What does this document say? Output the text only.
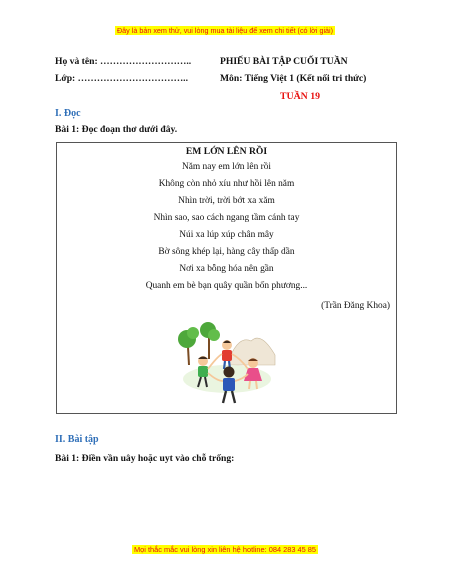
Đây là bản xem thử, vui lòng mua tài liệu để xem chi tiết (có lời giải)
Họ và tên: ………………………..	PHIẾU BÀI TẬP CUỐI TUẦN
Lớp: ……………………………..	Môn: Tiếng Việt 1 (Kết nối tri thức)
TUẦN 19
I. Đọc
Bài 1: Đọc đoạn thơ dưới đây.
EM LỚN LÊN RỒI
Năm nay em lớn lên rồi
Không còn nhỏ xíu như hồi lên năm
Nhìn trời, trời bớt xa xăm
Nhìn sao, sao cách ngang tầm cánh tay
Núi xa lúp xúp chân mây
Bờ sông khép lại, hàng cây thấp dần
Nơi xa bỗng hóa nên gần
Quanh em bè bạn quây quần bốn phương...
(Trần Đăng Khoa)
II. Bài tập
Bài 1: Điền vần uây hoặc uyt vào chỗ trống:
Mọi thắc mắc vui lòng xin liên hệ hotline: 084 283 45 85
